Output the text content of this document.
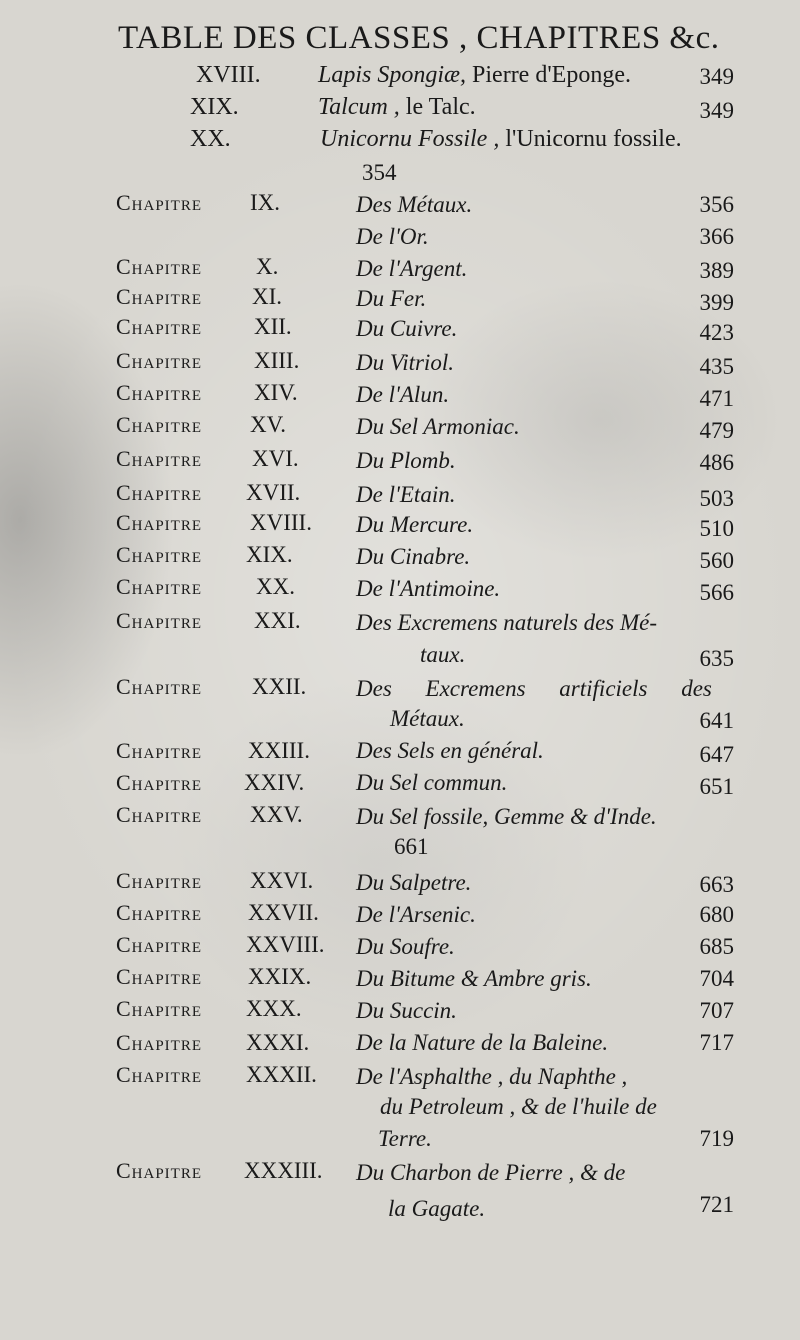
TABLE DES CLASSES , CHAPITRES &c.
XVIII. Lapis Spongiæ, Pierre d'Eponge.	349
XIX.	Talcum , le Talc.	349
XX.	Unicornu Fossile , l'Unicornu fossile.
354
Chapitre IX.	Des Métaux.	356
De l'Or.	366
Chapitre X.	De l'Argent.	389
Chapitre XI.	Du Fer.	399
Chapitre XII.	Du Cuivre.	423
Chapitre XIII. Du Vitriol.	435
Chapitre XIV.	De l'Alun.	471
Chapitre XV.	Du Sel Armoniac.	479
Chapitre XVI. Du Plomb.	486
Chapitre XVII. De l'Etain.	503
Chapitre XVIII. Du Mercure.	510
Chapitre XIX.	Du Cinabre.	560
Chapitre XX.	De l'Antimoine.	566
Chapitre XXI. Des Excremens naturels des Mé-
taux.	635
Chapitre XXII. Des Excremens artificiels des
Métaux.	641
Chapitre XXIII. Des Sels en général.	647
Chapitre XXIV. Du Sel commun.	651
Chapitre XXV. Du Sel fossile, Gemme & d'Inde.
661
Chapitre XXVI. Du Salpetre.	663
Chapitre XXVII. De l'Arsenic.	680
Chapitre XXVIII. Du Soufre.	685
Chapitre XXIX. Du Bitume & Ambre gris.	704
Chapitre XXX. Du Succin.	707
Chapitre XXXI. De la Nature de la Baleine.	717
Chapitre XXXII. De l'Asphalthe , du Naphthe ,
du Petroleum , & de l'huile de
Terre.	719
Chapitre XXXIII. Du Charbon de Pierre , & de
la Gagate.	721
